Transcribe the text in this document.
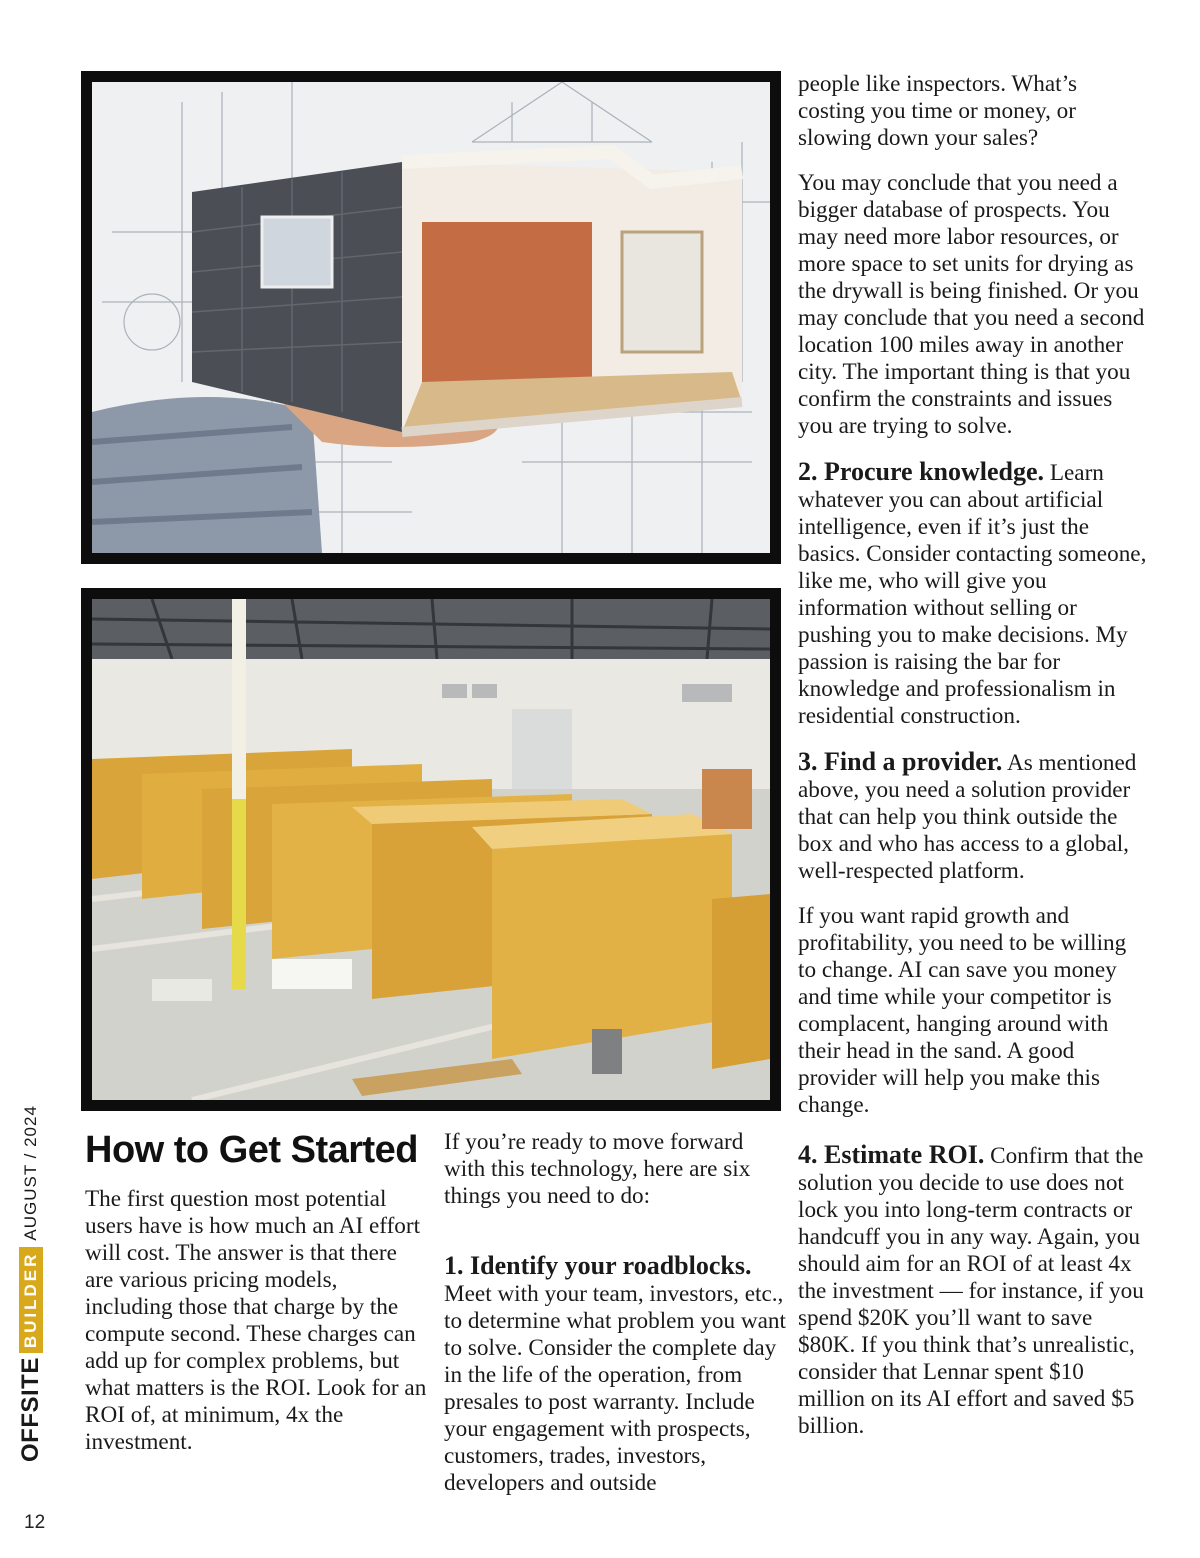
How to Get Started

The first question most potential users have is how much an AI effort will cost. The answer is that there are various pricing models, including those that charge by the compute second. These charges can add up for complex problems, but what matters is the ROI. Look for an ROI of, at minimum, 4x the investment.

If you’re ready to move forward with this technology, here are six things you need to do:

1. Identify your roadblocks. Meet with your team, investors, etc., to determine what problem you want to solve. Consider the complete day in the life of the operation, from presales to post warranty. Include your engagement with prospects, customers, trades, investors, developers and outside

people like inspectors. What’s costing you time or money, or slowing down your sales?

You may conclude that you need a bigger database of prospects. You may need more labor resources, or more space to set units for drying as the drywall is being finished. Or you may conclude that you need a second location 100 miles away in another city. The important thing is that you confirm the constraints and issues you are trying to solve.

2. Procure knowledge. Learn whatever you can about artificial intelligence, even if it’s just the basics. Consider contacting someone, like me, who will give you information without selling or pushing you to make decisions. My passion is raising the bar for knowledge and professionalism in residential construction.

3. Find a provider. As mentioned above, you need a solution provider that can help you think outside the box and who has access to a global, well-respected platform.

If you want rapid growth and profitability, you need to be willing to change. AI can save you money and time while your competitor is complacent, hanging around with their head in the sand. A good provider will help you make this change.

4. Estimate ROI. Confirm that the solution you decide to use does not lock you into long-term contracts or handcuff you in any way. Again, you should aim for an ROI of at least 4x the investment — for instance, if you spend $20K you’ll want to save $80K. If you think that’s unrealistic, consider that Lennar spent $10 million on its AI effort and saved $5 billion.

OFFSITE
BUILDER
AUGUST / 2024
12
